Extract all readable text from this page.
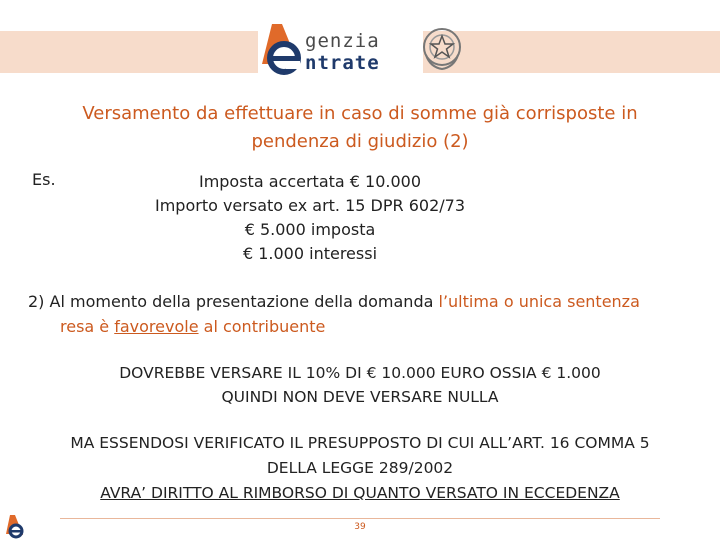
genzia
ntrate
Versamento da effettuare in caso di somme già corrisposte in
pendenza di giudizio (2)
Es.	Imposta accertata € 10.000
Importo versato ex art. 15 DPR 602/73
€ 5.000 imposta
€ 1.000 interessi
2) Al momento della presentazione della domanda l’ultima o unica sentenza
resa è favorevole al contribuente
DOVREBBE VERSARE IL 10% DI € 10.000 EURO OSSIA € 1.000
QUINDI NON DEVE VERSARE NULLA
MA ESSENDOSI VERIFICATO IL PRESUPPOSTO DI CUI ALL’ART. 16 COMMA 5
DELLA LEGGE 289/2002
AVRA’ DIRITTO AL RIMBORSO DI QUANTO VERSATO IN ECCEDENZA
39
